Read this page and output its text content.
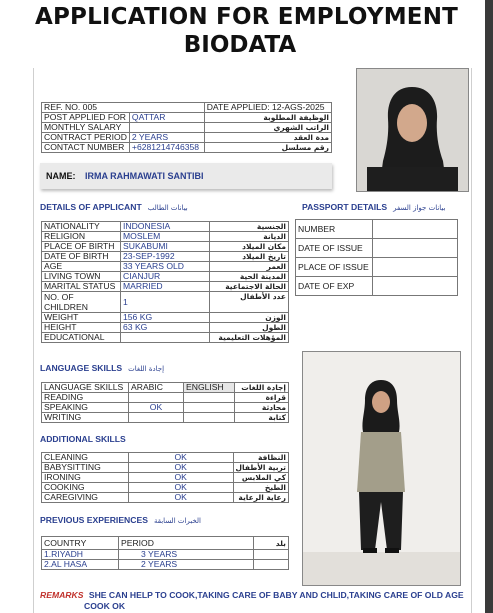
APPLICATION FOR EMPLOYMENT
BIODATA
REF. NO. 005		DATE APPLIED: 12-AGS-2025
POST APPLIED FOR	QATTAR	الوظيفة المطلوبة
MONTHLY SALARY		الراتب الشهري
CONTRACT PERIOD	2 YEARS	مدة العقد
CONTACT NUMBER	+6281214746358	رقم مسلسل
NAME: IRMA RAHMAWATI SANTIBI
DETAILS OF APPLICANT بيانات الطالب	PASSPORT DETAILS بيانات جواز السفر
NATIONALITY	INDONESIA	الجنسية
RELIGION	MOSLEM	الديانة
PLACE OF BIRTH	SUKABUMI	مكان الميلاد
DATE OF BIRTH	23-SEP-1992	تاريخ الميلاد
AGE	33 YEARS OLD	العمر
LIVING TOWN	CIANJUR	المدينة الحية
MARITAL STATUS	MARRIED	الحالة الاجتماعية
NO. OF CHILDREN	1	عدد الأطفال
WEIGHT	156 KG	الوزن
HEIGHT	63 KG	الطول
EDUCATIONAL		المؤهلات التعليمية
NUMBER	
DATE OF ISSUE	
PLACE OF ISSUE	
DATE OF EXP	
LANGUAGE SKILLS إجادة اللغات
LANGUAGE SKILLS	ARABIC	ENGLISH	إجادة اللغات
READING			قراءة
SPEAKING	OK		محادثة
WRITING			كتابة
ADDITIONAL SKILLS
CLEANING	OK	النظافة
BABYSITTING	OK	تربية الأطفال
IRONING	OK	كي الملابس
COOKING	OK	الطبخ
CAREGIVING	OK	رعاية الرعاية
PREVIOUS EXPERIENCES الخبرات السابقة
COUNTRY	PERIOD	بلد
1.RIYADH	3 YEARS	
2.AL HASA	2 YEARS	
REMARKS SHE CAN HELP TO COOK,TAKING CARE OF BABY AND CHLID,TAKING CARE OF OLD AGE
COOK OK
